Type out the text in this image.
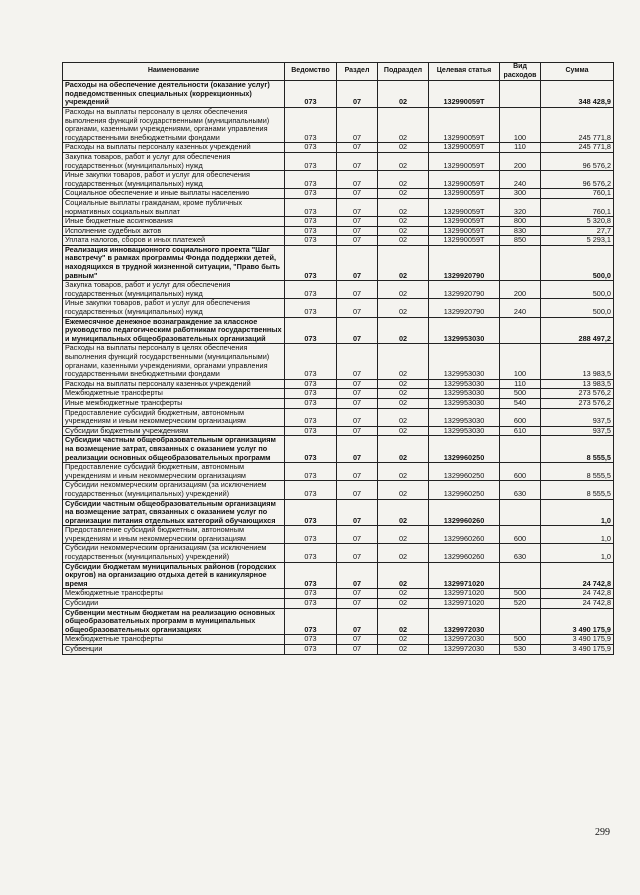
Наименование	Ведомство	Раздел	Подраздел	Целевая статья	Вид расходов	Сумма
Расходы на обеспечение деятельности (оказание услуг) подведомственных специальных (коррекционных) учреждений	073	07	02	132990059Т		348 428,9
Расходы на выплаты персоналу в целях обеспечения выполнения функций государственными (муниципальными) органами, казенными учреждениями, органами управления государственными внебюджетными фондами	073	07	02	132990059Т	100	245 771,8
Расходы на выплаты персоналу казенных учреждений	073	07	02	132990059Т	110	245 771,8
Закупка товаров, работ и услуг для обеспечения государственных (муниципальных) нужд	073	07	02	132990059Т	200	96 576,2
Иные закупки товаров, работ и услуг для обеспечения государственных (муниципальных) нужд	073	07	02	132990059Т	240	96 576,2
Социальное обеспечение и иные выплаты населению	073	07	02	132990059Т	300	760,1
Социальные выплаты гражданам, кроме публичных нормативных социальных выплат	073	07	02	132990059Т	320	760,1
Иные бюджетные ассигнования	073	07	02	132990059Т	800	5 320,8
Исполнение судебных актов	073	07	02	132990059Т	830	27,7
Уплата налогов, сборов и иных платежей	073	07	02	132990059Т	850	5 293,1
Реализация инновационного социального проекта "Шаг навстречу" в рамках программы Фонда поддержки детей, находящихся в трудной жизненной ситуации, "Право быть равным"	073	07	02	1329920790		500,0
Закупка товаров, работ и услуг для обеспечения государственных (муниципальных) нужд	073	07	02	1329920790	200	500,0
Иные закупки товаров, работ и услуг для обеспечения государственных (муниципальных) нужд	073	07	02	1329920790	240	500,0
Ежемесячное денежное вознаграждение за классное руководство педагогическим работникам государственных и муниципальных общеобразовательных организаций	073	07	02	1329953030		288 497,2
Расходы на выплаты персоналу в целях обеспечения выполнения функций государственными (муниципальными) органами, казенными учреждениями, органами управления государственными внебюджетными фондами	073	07	02	1329953030	100	13 983,5
Расходы на выплаты персоналу казенных учреждений	073	07	02	1329953030	110	13 983,5
Межбюджетные трансферты	073	07	02	1329953030	500	273 576,2
Иные межбюджетные трансферты	073	07	02	1329953030	540	273 576,2
Предоставление субсидий бюджетным, автономным учреждениям и иным некоммерческим организациям	073	07	02	1329953030	600	937,5
Субсидии бюджетным учреждениям	073	07	02	1329953030	610	937,5
Субсидии частным общеобразовательным организациям на возмещение затрат, связанных с оказанием услуг по реализации основных общеобразовательных программ	073	07	02	1329960250		8 555,5
Предоставление субсидий бюджетным, автономным учреждениям и иным некоммерческим организациям	073	07	02	1329960250	600	8 555,5
Субсидии некоммерческим организациям (за исключением государственных (муниципальных) учреждений)	073	07	02	1329960250	630	8 555,5
Субсидии частным общеобразовательным организациям на возмещение затрат, связанных с оказанием услуг по организации питания отдельных категорий обучающихся	073	07	02	1329960260		1,0
Предоставление субсидий бюджетным, автономным учреждениям и иным некоммерческим организациям	073	07	02	1329960260	600	1,0
Субсидии некоммерческим организациям (за исключением государственных (муниципальных) учреждений)	073	07	02	1329960260	630	1,0
Субсидии бюджетам муниципальных районов (городских округов) на организацию отдыха детей в каникулярное время	073	07	02	1329971020		24 742,8
Межбюджетные трансферты	073	07	02	1329971020	500	24 742,8
Субсидии	073	07	02	1329971020	520	24 742,8
Субвенции местным бюджетам на реализацию основных общеобразовательных программ в муниципальных общеобразовательных организациях	073	07	02	1329972030		3 490 175,9
Межбюджетные трансферты	073	07	02	1329972030	500	3 490 175,9
Субвенции	073	07	02	1329972030	530	3 490 175,9
299
